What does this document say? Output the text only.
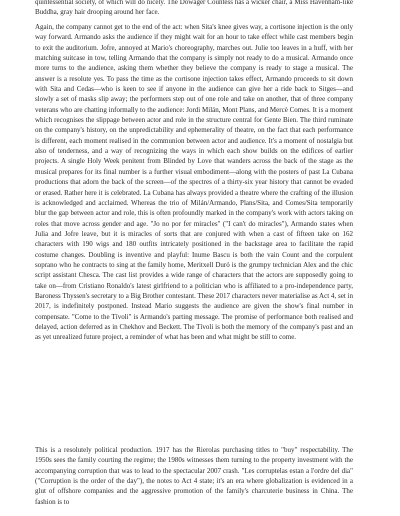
quintessential society, of which will do nicely. The Dowager Countess has a wicker chair, a Miss Havenham-like Buddha, gray hair drooping around her face.

Again, the company cannot get to the end of the act: when Sita's knee gives way, a cortisone injection is the only way forward. Armando asks the audience if they might wait for an hour to take effect while cast members begin to exit the auditorium. Jofre, annoyed at Mario's choreography, marches out. Julie too leaves in a huff, with her matching suitcase in tow, telling Armando that the company is simply not ready to do a musical. Armando once more turns to the audience, asking them whether they believe the company is ready to stage a musical. The answer is a resolute yes. To pass the time as the cortisone injection takes effect, Armando proceeds to sit down with Sita and Cedas—who is keen to see if anyone in the audience can give her a ride back to Sitges—and slowly a set of masks slip away; the performers step out of one role and take on another, that of three company veterans who are chatting informally to the audience: Jordi Milán, Mont Plans, and Mercè Comes. It is a moment which recognises the slippage between actor and role in the structure central for Gente Bien. The third ruminate on the company's history, on the unpredictability and ephemerality of theatre, on the fact that each performance is different, each moment realised in the communion between actor and audience. It's a moment of nostalgia but also of tenderness, and a way of recognizing the ways in which each show builds on the edifices of earlier projects. A single Holy Week penitent from Blinded by Love that wanders across the back of the stage as the musical prepares for its final number is a further visual embodiment—along with the posters of past La Cubana productions that adorn the back of the screen—of the spectres of a thirty-six year history that cannot be evaded or erased. Rather here it is celebrated. La Cubana has always provided a theatre where the crafting of the illusion is acknowledged and acclaimed. Whereas the trio of Milán/Armando, Plans/Sita, and Comes/Sita temporarily blur the gap between actor and role, this is often profoundly marked in the company's work with actors taking on roles that move across gender and age. "Jo no por fer miracles" ("I can't do miracles"), Armando states when Julia and Jofre leave, but it is miracles of sorts that are conjured with when a cast of fifteen take on 162 characters with 190 wigs and 180 outfits intricately positioned in the backstage area to facilitate the rapid costume changes. Doubling is inventive and playful: Inume Bascu is both the vain Count and the corpulent soprano who he contracts to sing at the family home, Meritxell Duró is the grumpy technician Alex and the chic script assistant Chesca. The cast list provides a wide range of characters that the actors are supposedly going to take on—from Cristiano Ronaldo's latest girlfriend to a politician who is affiliated to a pro-independence party, Baroness Thyssen's secretary to a Big Brother contestant. These 2017 characters never materialise as Act 4, set in 2017, is indefinitely postponed. Instead Mario suggests the audience are given the show's final number in compensate. "Come to the Tívoli" is Armando's parting message. The promise of performance both realised and delayed, action deferred as in Chekhov and Beckett. The Tívoli is both the memory of the company's past and an as yet unrealized future project, a reminder of what has been and what might be still to come.

This is a resolutely political production. 1917 has the Rierolas purchasing titles to "buy" respectability. The 1950s sees the family courting the regime; the 1980s witnesses them turning to the property investment with the accompanying corruption that was to lead to the spectacular 2007 crash. "Les corruptelas estan a l'ordre del dia" ("Corruption is the order of the day"), the notes to Act 4 state; it's an era where globalization is evidenced in a glut of offshore companies and the aggressive promotion of the family's charcuterie business in China. The fashion is to
